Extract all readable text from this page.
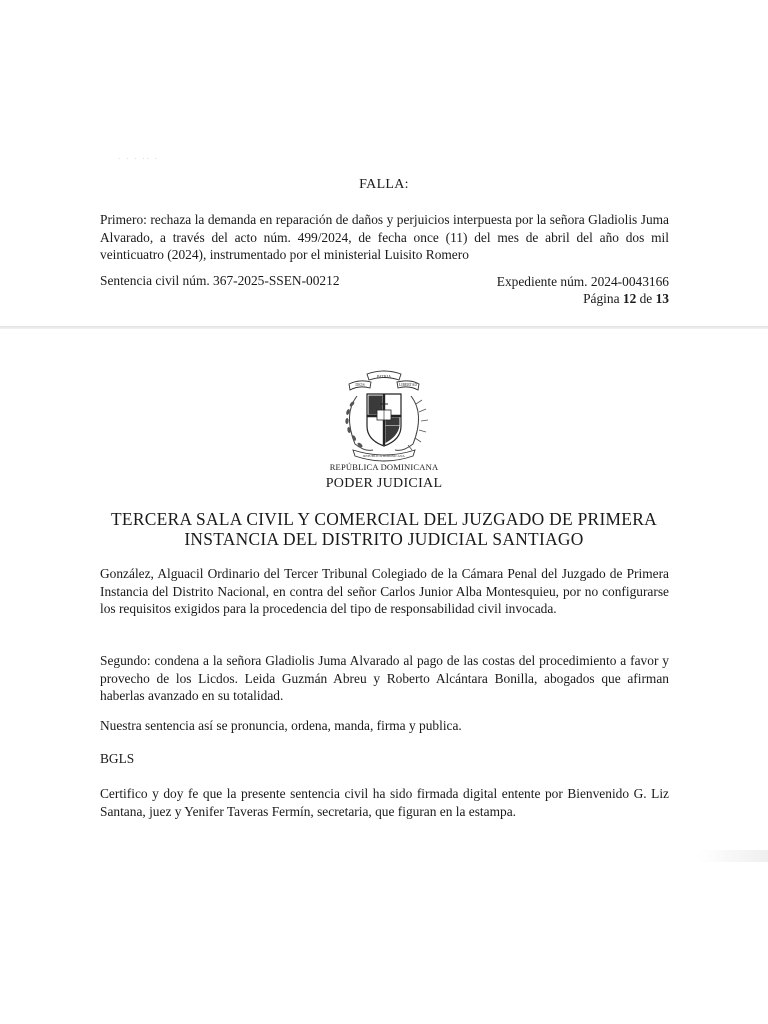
· · · ·· ·
FALLA:
Primero: rechaza la demanda en reparación de daños y perjuicios interpuesta por la señora Gladiolis Juma Alvarado, a través del acto núm. 499/2024, de fecha once (11) del mes de abril del año dos mil veinticuatro (2024), instrumentado por el ministerial Luisito Romero
Sentencia civil núm. 367-2025-SSEN-00212	Expediente núm. 2024-0043166
Página 12 de 13
PATRIA
DIOS	LIBERTAD
REPÚBLICA DOMINICANA
REPÚBLICA DOMINICANA
PODER JUDICIAL
TERCERA SALA CIVIL Y COMERCIAL DEL JUZGADO DE PRIMERA
INSTANCIA DEL DISTRITO JUDICIAL SANTIAGO
González, Alguacil Ordinario del Tercer Tribunal Colegiado de la Cámara Penal del Juzgado de Primera Instancia del Distrito Nacional, en contra del señor Carlos Junior Alba Montesquieu, por no configurarse los requisitos exigidos para la procedencia del tipo de responsabilidad civil invocada.
Segundo: condena a la señora Gladiolis Juma Alvarado al pago de las costas del procedimiento a favor y provecho de los Licdos. Leida Guzmán Abreu y Roberto Alcántara Bonilla, abogados que afirman haberlas avanzado en su totalidad.
Nuestra sentencia así se pronuncia, ordena, manda, firma y publica.
BGLS
Certifico y doy fe que la presente sentencia civil ha sido firmada digital entente por Bienvenido G. Liz Santana, juez y Yenifer Taveras Fermín, secretaria, que figuran en la estampa.
